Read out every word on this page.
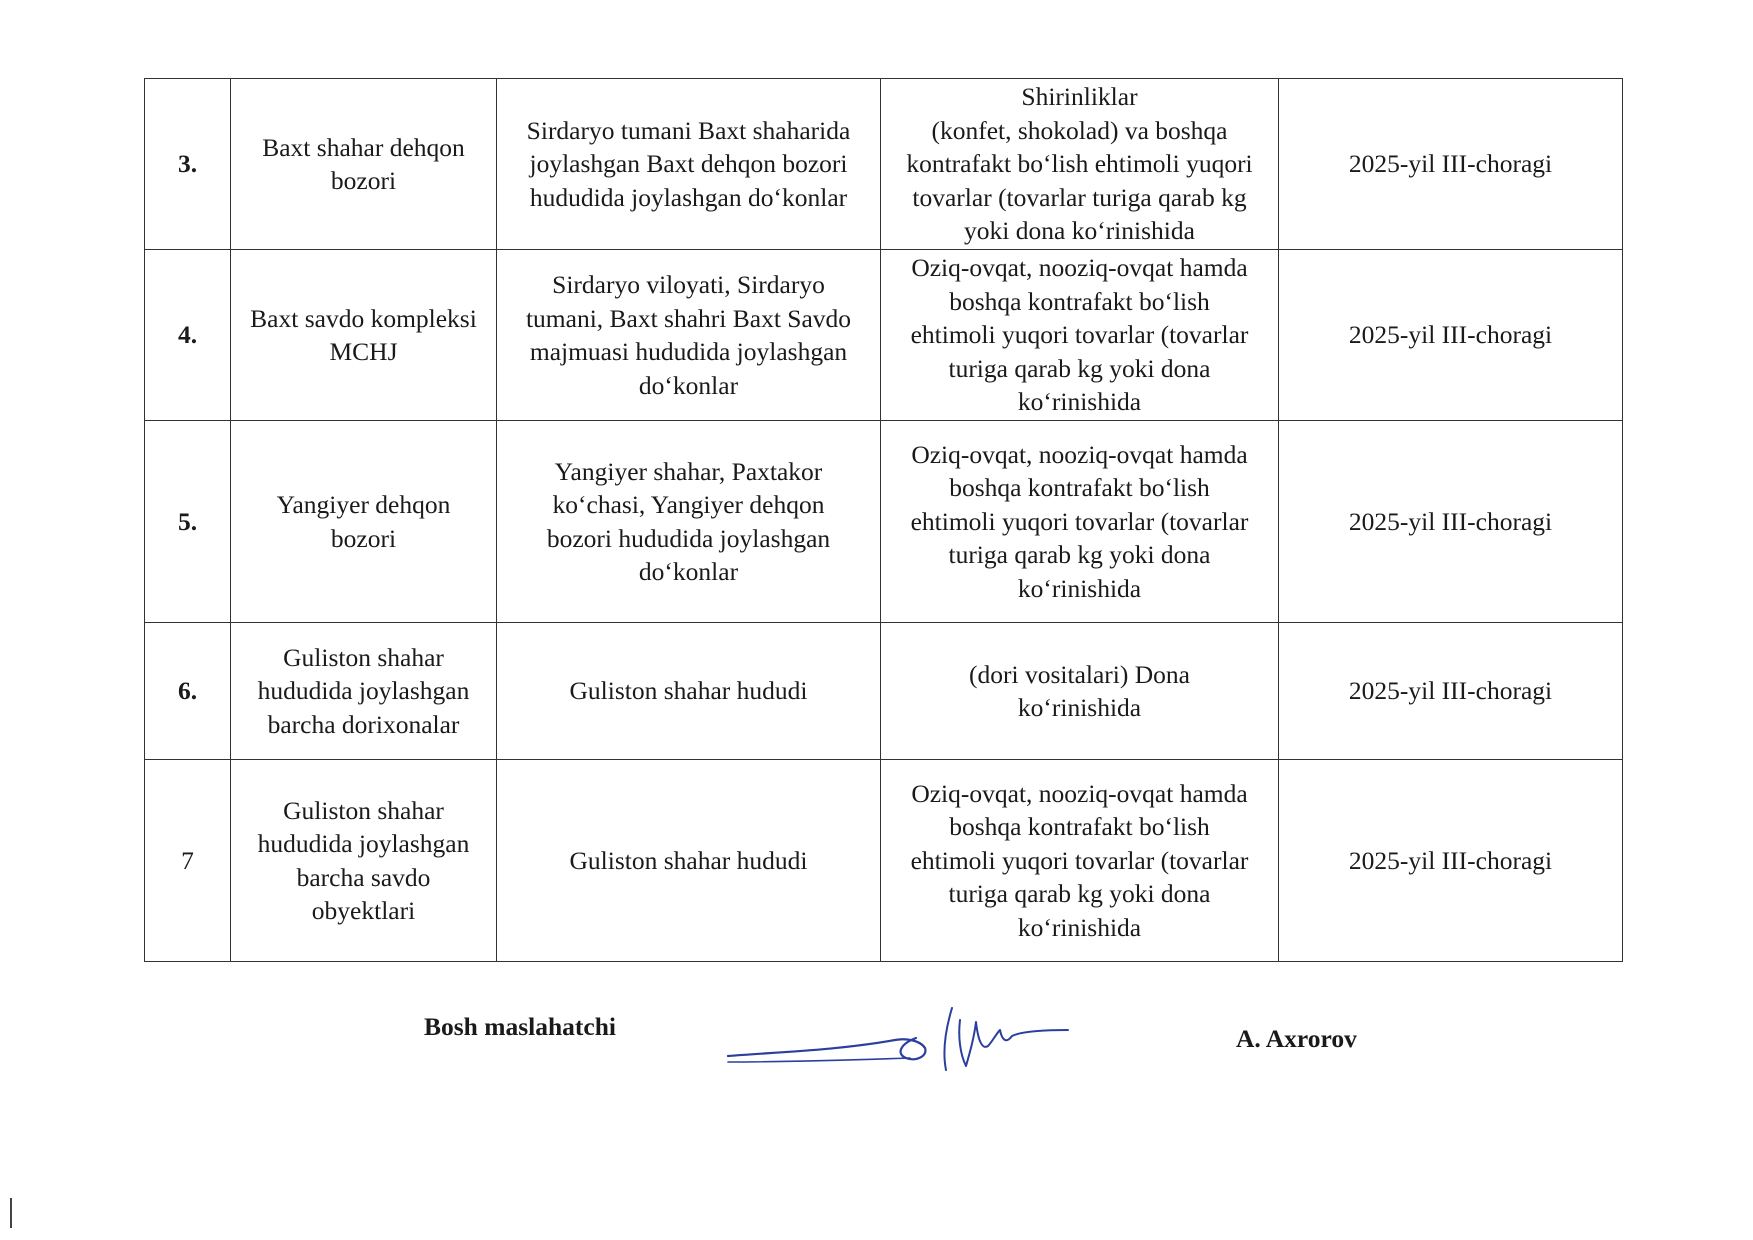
3.	Baxt shahar dehqon
bozori	Sirdaryo tumani Baxt shaharida
joylashgan Baxt dehqon bozori
hududida joylashgan do‘konlar	Shirinliklar
(konfet, shokolad) va boshqa
kontrafakt bo‘lish ehtimoli yuqori
tovarlar (tovarlar turiga qarab kg
yoki dona ko‘rinishida	2025-yil III-choragi
4.	Baxt savdo kompleksi
MCHJ	Sirdaryo viloyati, Sirdaryo
tumani, Baxt shahri Baxt Savdo
majmuasi hududida joylashgan
do‘konlar	Oziq-ovqat, nooziq-ovqat hamda
boshqa kontrafakt bo‘lish
ehtimoli yuqori tovarlar (tovarlar
turiga qarab kg yoki dona
ko‘rinishida	2025-yil III-choragi
5.	Yangiyer dehqon
bozori	Yangiyer shahar, Paxtakor
ko‘chasi, Yangiyer dehqon
bozori hududida joylashgan
do‘konlar	Oziq-ovqat, nooziq-ovqat hamda
boshqa kontrafakt bo‘lish
ehtimoli yuqori tovarlar (tovarlar
turiga qarab kg yoki dona
ko‘rinishida	2025-yil III-choragi
6.	Guliston shahar
hududida joylashgan
barcha dorixonalar	Guliston shahar hududi	(dori vositalari) Dona
ko‘rinishida	2025-yil III-choragi
7	Guliston shahar
hududida joylashgan
barcha savdo
obyektlari	Guliston shahar hududi	Oziq-ovqat, nooziq-ovqat hamda
boshqa kontrafakt bo‘lish
ehtimoli yuqori tovarlar (tovarlar
turiga qarab kg yoki dona
ko‘rinishida	2025-yil III-choragi
Bosh maslahatchi	A. Axrorov
